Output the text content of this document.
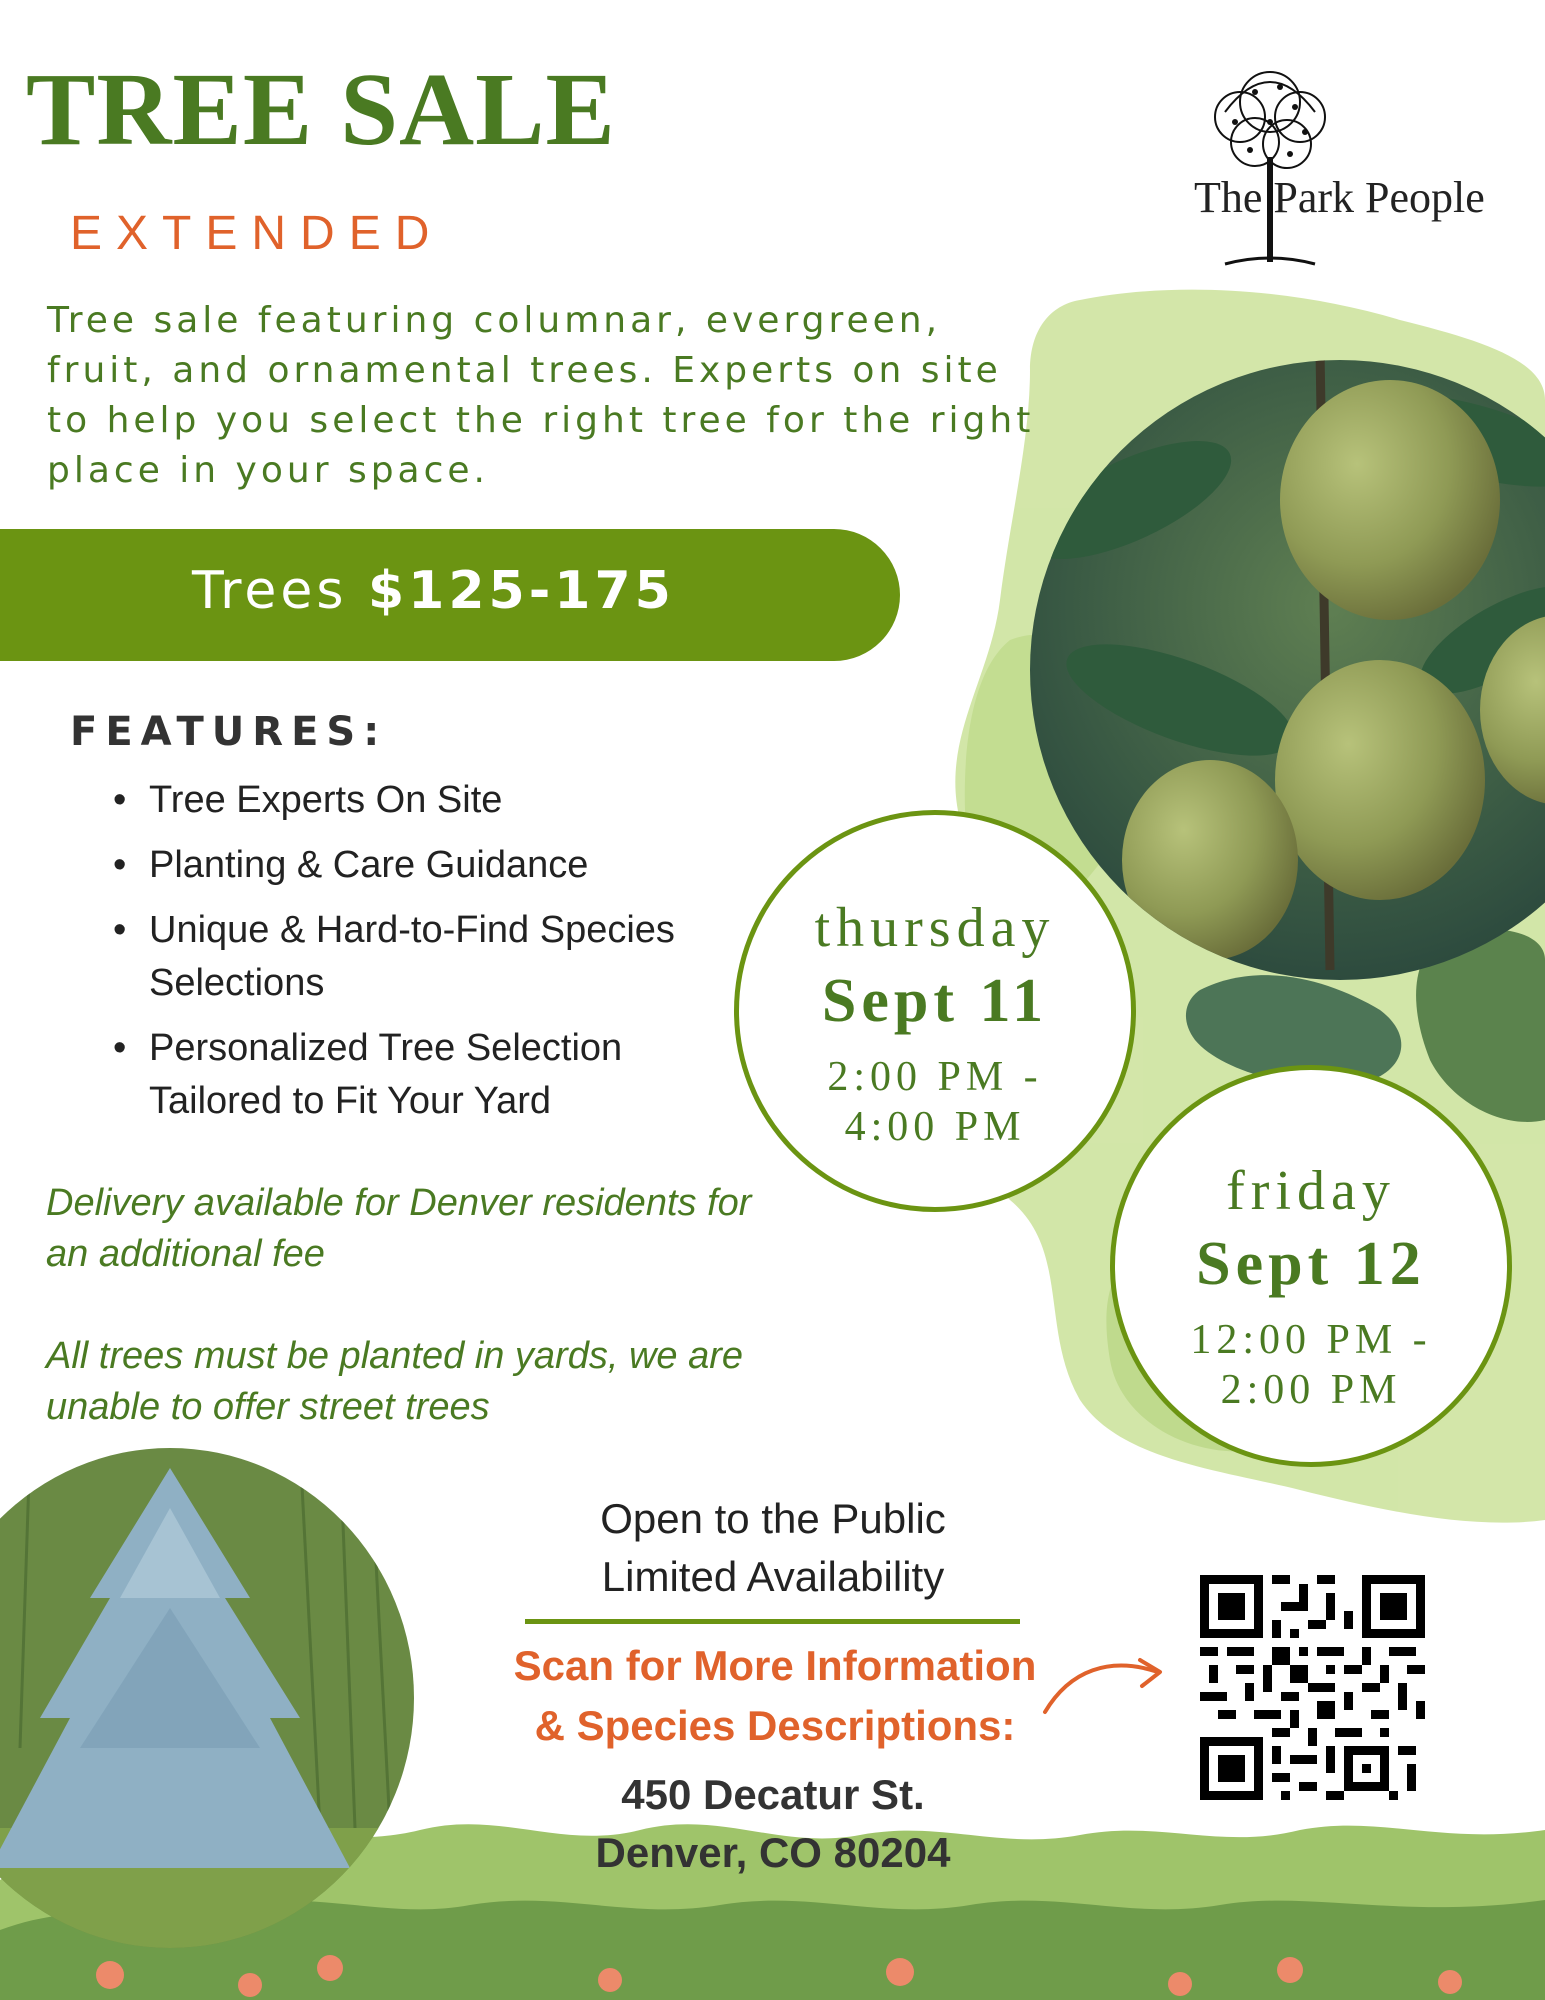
The Park People
TREE SALE
EXTENDED

Tree sale featuring columnar, evergreen, fruit, and ornamental trees. Experts on site to help you select the right tree for the right place in your space.

Trees $125-175
FEATURES:
• Tree Experts On Site
• Planting & Care Guidance
• Unique & Hard-to-Find Species Selections
• Personalized Tree Selection Tailored to Fit Your Yard

Delivery available for Denver residents for an additional fee

All trees must be planted in yards, we are unable to offer street trees

thursday
Sept 11
2:00 PM -
4:00 PM
friday
Sept 12
12:00 PM -
2:00 PM
Open to the Public
Limited Availability
Scan for More Information
& Species Descriptions:
450 Decatur St.
Denver, CO 80204
